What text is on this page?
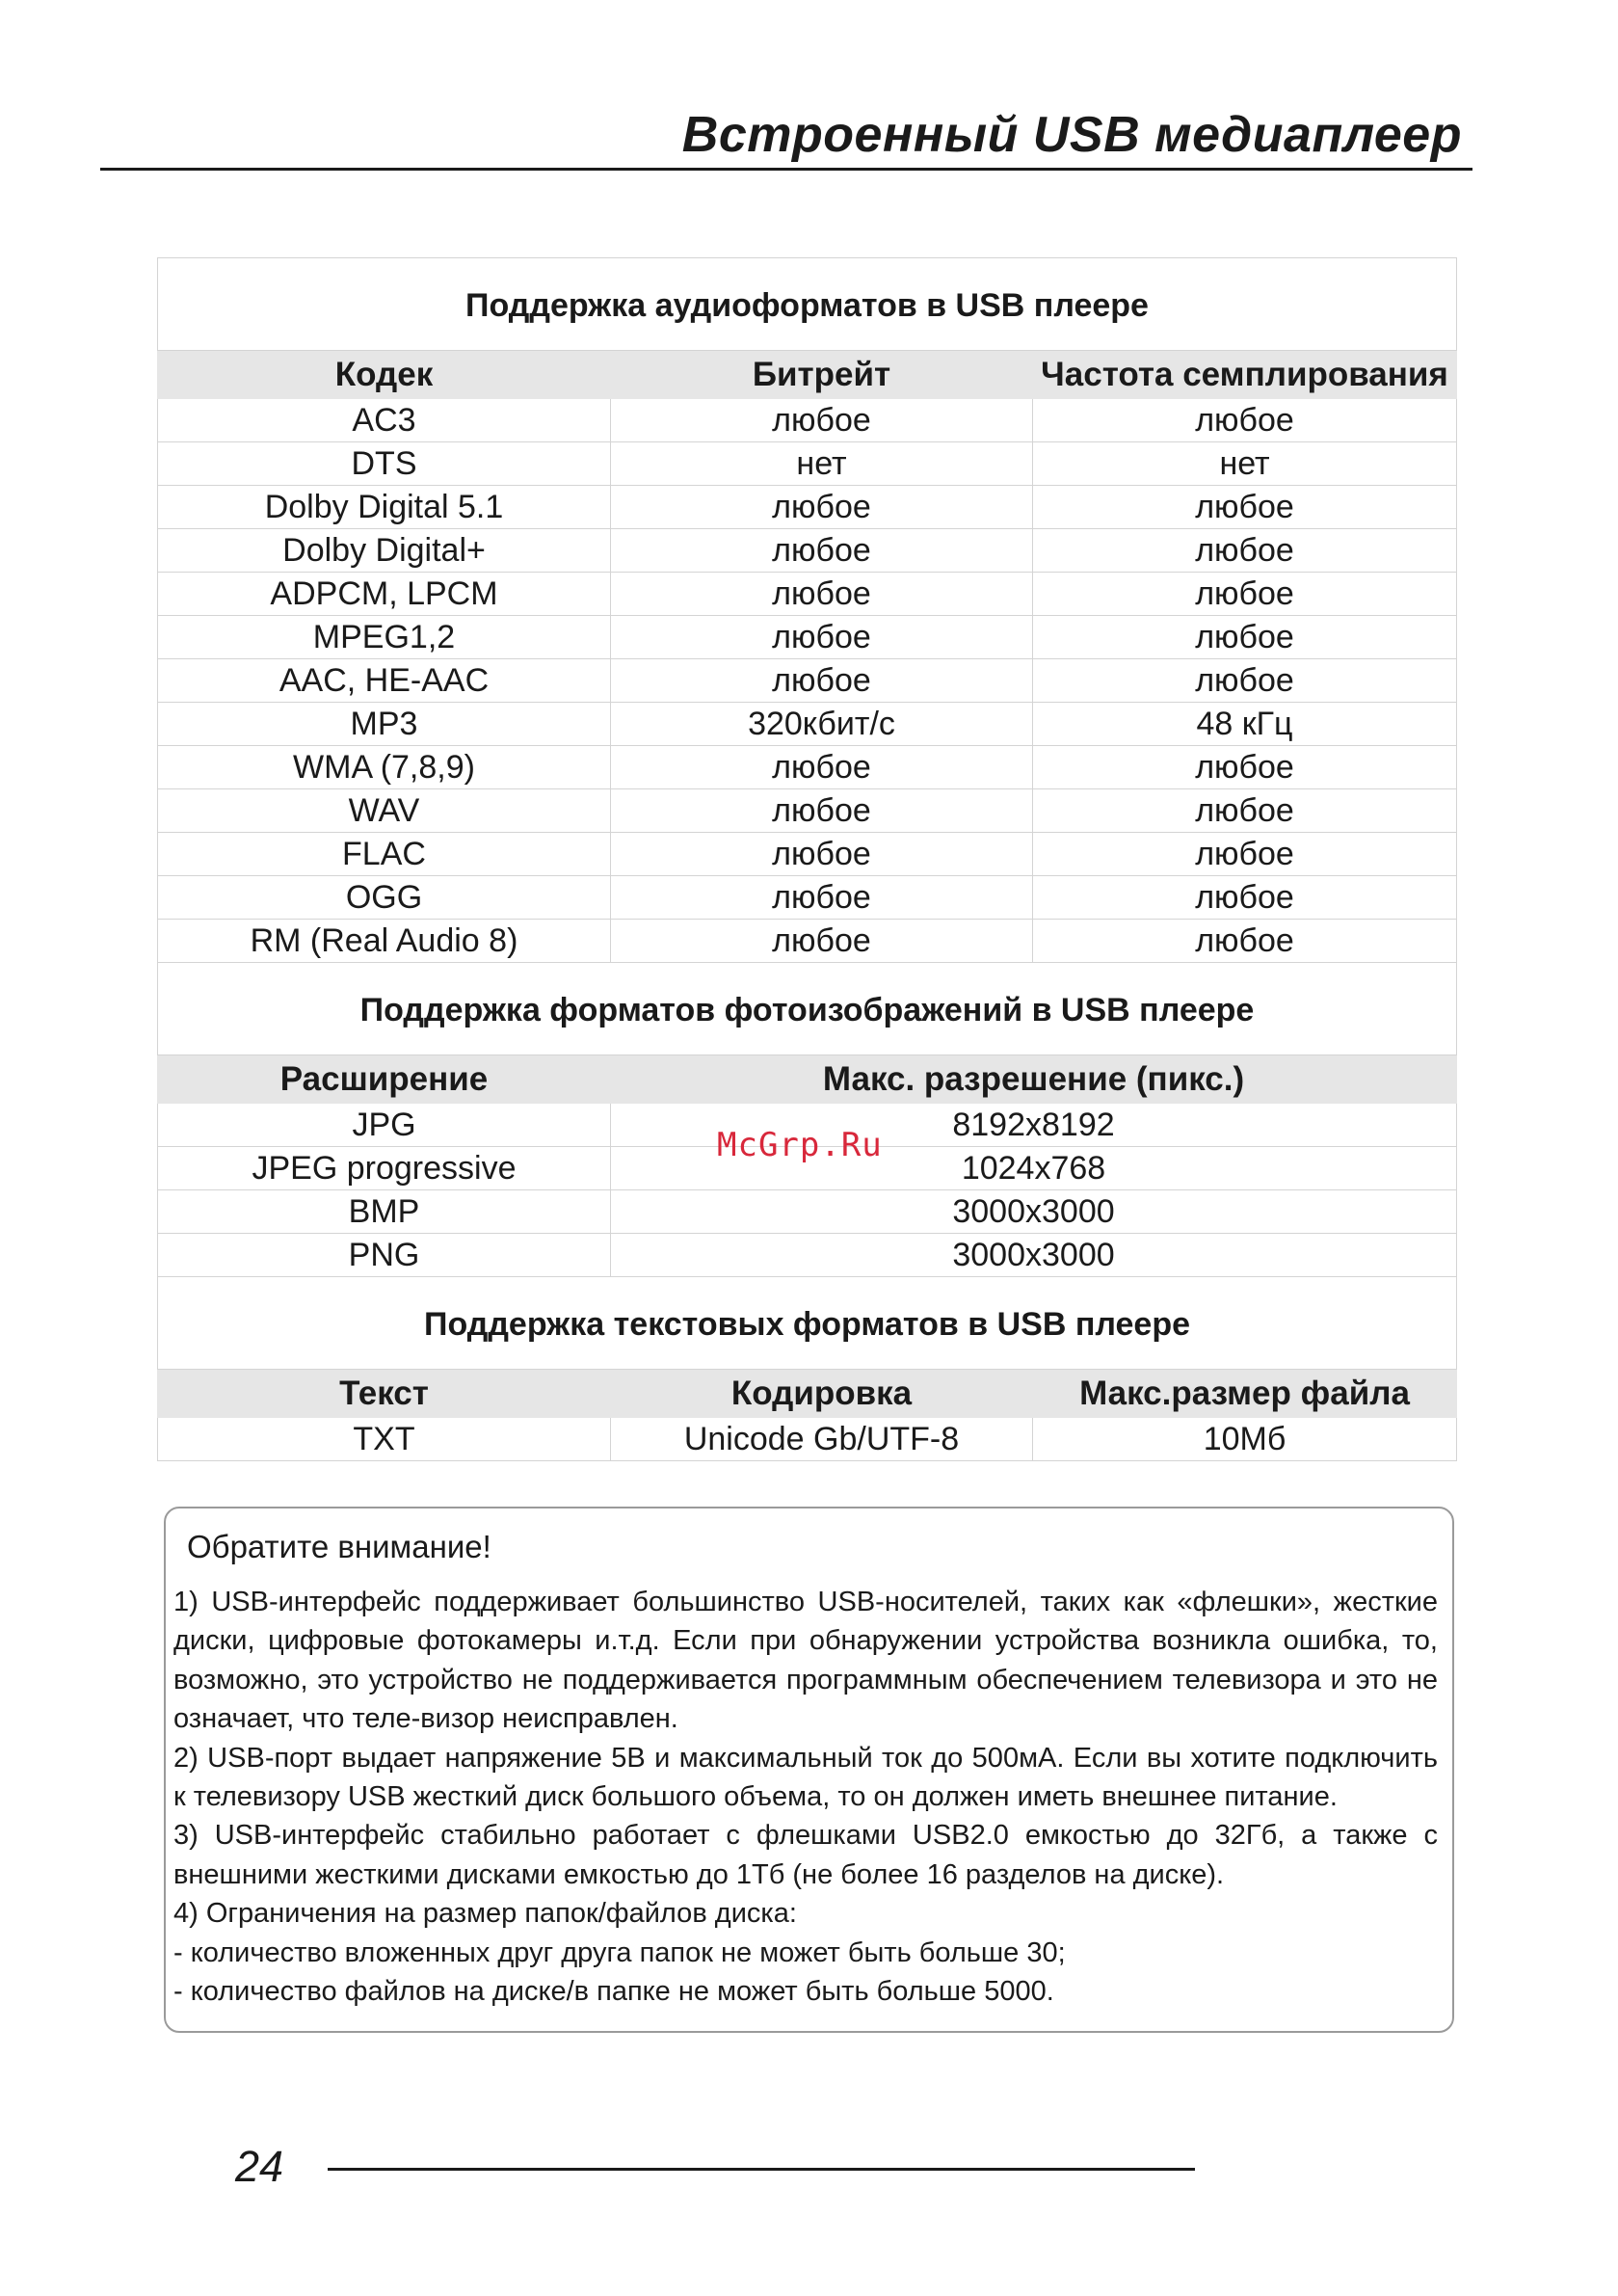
Встроенный USB медиаплеер
Поддержка аудиоформатов в USB плеере		
Кодек	Битрейт	Частота семплирования
AC3	любое	любое
DTS	нет	нет
Dolby Digital 5.1	любое	любое
Dolby Digital+	любое	любое
ADPCM, LPCM	любое	любое
MPEG1,2	любое	любое
AAC, HE-AAC	любое	любое
MP3	320кбит/с	48 кГц
WMA (7,8,9)	любое	любое
WAV	любое	любое
FLAC	любое	любое
OGG	любое	любое
RM (Real Audio 8)	любое	любое
Поддержка форматов фотоизображений в USB плеере		
Расширение	Макс. разрешение (пикс.)	
JPG	8192x8192	
JPEG progressive	1024x768	
BMP	3000x3000	
PNG	3000x3000	
Поддержка текстовых форматов в USB плеере		
Текст	Кодировка	Макс.размер файла
TXT	Unicode Gb/UTF-8	10Мб
McGrp.Ru
Обратите внимание!

1) USB-интерфейс поддерживает большинство USB-носителей, таких как «флешки», жесткие диски, цифровые фотокамеры и.т.д. Если при обнаружении устройства возникла ошибка, то, возможно, это устройство не поддерживается программным обеспечением телевизора и это не означает, что теле-визор неисправлен.

2) USB-порт выдает напряжение 5В и максимальный ток до 500мА. Если вы хотите подключить к телевизору USB жесткий диск большого объема, то он должен иметь внешнее питание.

3) USB-интерфейс стабильно работает с флешками USB2.0 емкостью до 32Гб, а также с внешними жесткими дисками емкостью до 1Тб (не более 16 разделов на диске).

4) Ограничения на размер папок/файлов диска:

- количество вложенных друг друга папок не может быть больше 30;

- количество файлов на диске/в папке не может быть больше 5000.

24
